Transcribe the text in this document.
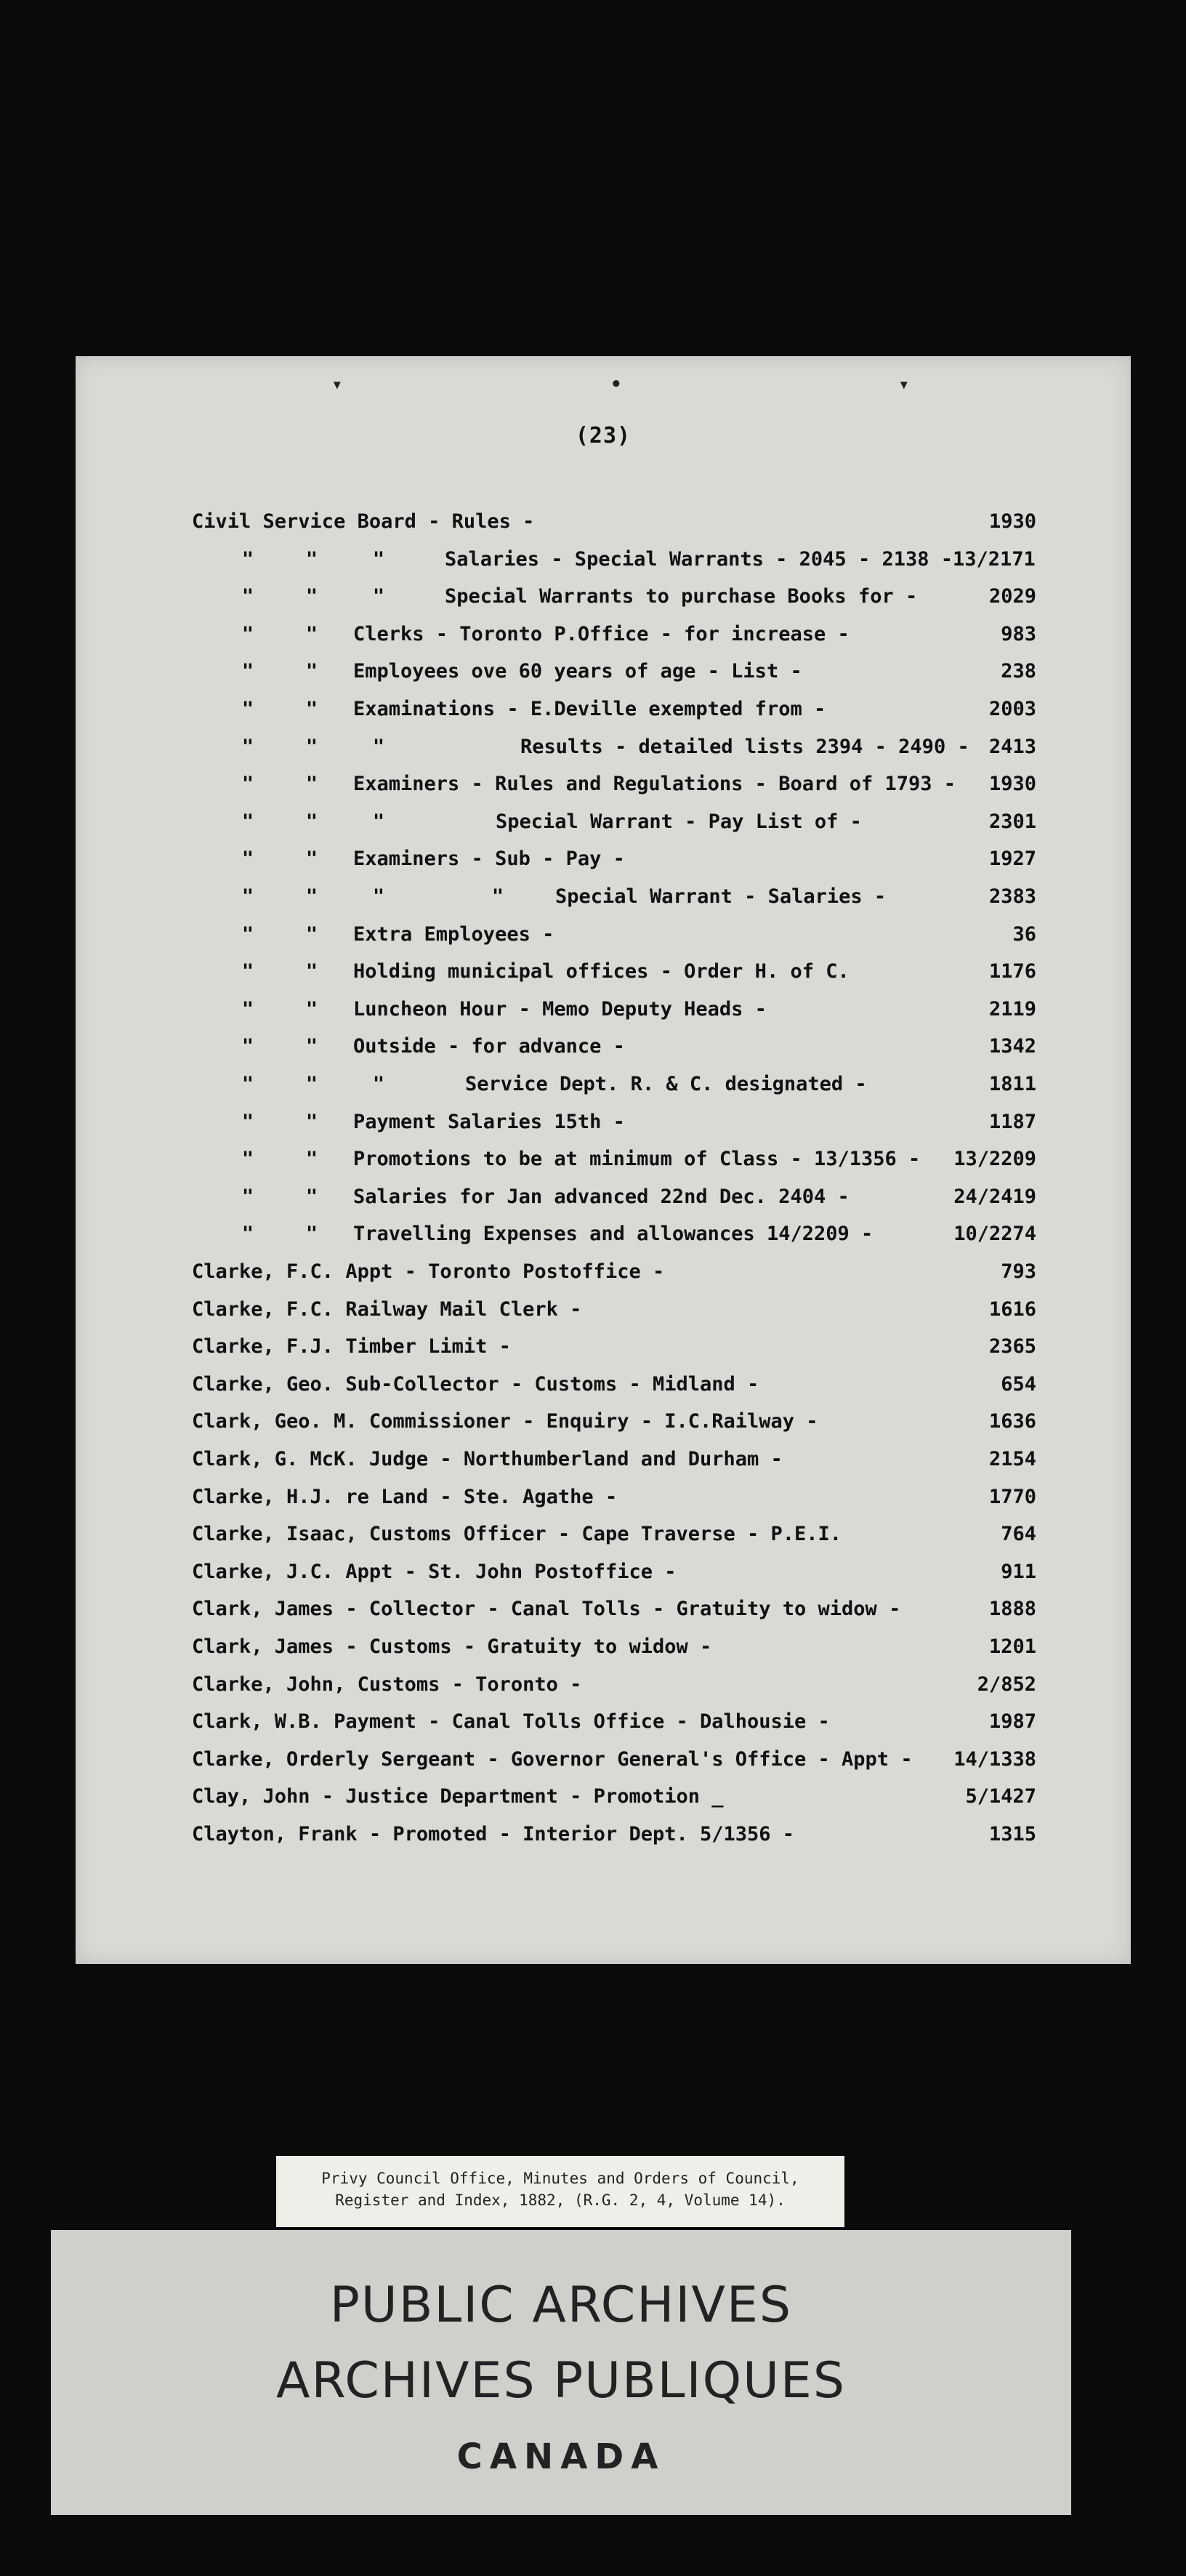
▾	•	▾
(23)
Civil Service Board - Rules -	1930
"	"	"	Salaries - Special Warrants - 2045 - 2138 -13/2171
"	"	"	Special Warrants to purchase Books for -	2029
"	" Clerks - Toronto P.Office - for increase -	983
"	" Employees ove 60 years of age - List -	238
"	" Examinations - E.Deville exempted from -	2003
"	"	"	Results - detailed lists 2394 - 2490 - 2413
"	" Examiners - Rules and Regulations - Board of 1793 - 1930
"	"	"	Special Warrant - Pay List of -	2301
"	" Examiners - Sub - Pay -	1927
"	"	"	"	Special Warrant - Salaries -	2383
"	" Extra Employees -	36
"	" Holding municipal offices - Order H. of C.	1176
"	" Luncheon Hour - Memo Deputy Heads -	2119
"	" Outside - for advance -	1342
"	"	"	Service Dept. R. & C. designated -	1811
"	" Payment Salaries 15th -	1187
"	" Promotions to be at minimum of Class - 13/1356 - 13/2209
"	" Salaries for Jan advanced 22nd Dec. 2404 -	24/2419
"	" Travelling Expenses and allowances 14/2209 -	10/2274
Clarke, F.C. Appt - Toronto Postoffice -	793
Clarke, F.C. Railway Mail Clerk -	1616
Clarke, F.J. Timber Limit -	2365
Clarke, Geo. Sub-Collector - Customs - Midland -	654
Clark, Geo. M. Commissioner - Enquiry - I.C.Railway -	1636
Clark, G. McK. Judge - Northumberland and Durham -	2154
Clarke, H.J. re Land - Ste. Agathe -	1770
Clarke, Isaac, Customs Officer - Cape Traverse - P.E.I.	764
Clarke, J.C. Appt - St. John Postoffice -	911
Clark, James - Collector - Canal Tolls - Gratuity to widow -	1888
Clark, James - Customs - Gratuity to widow -	1201
Clarke, John, Customs - Toronto -	2/852
Clark, W.B. Payment - Canal Tolls Office - Dalhousie -	1987
Clarke, Orderly Sergeant - Governor General's Office - Appt - 14/1338
Clay, John - Justice Department - Promotion _	5/1427
Clayton, Frank - Promoted - Interior Dept. 5/1356 -	1315
Privy Council Office, Minutes and Orders of Council,
Register and Index, 1882, (R.G. 2, 4, Volume 14).
PUBLIC ARCHIVES
ARCHIVES PUBLIQUES
CANADA
